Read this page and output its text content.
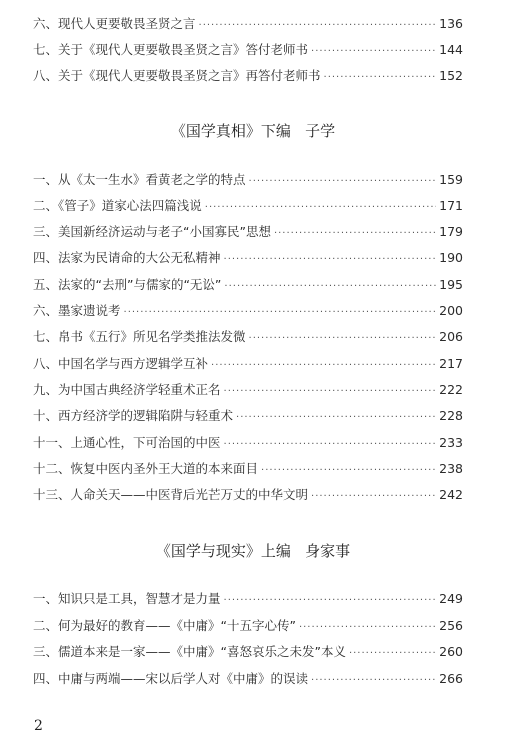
六、现代人更要敬畏圣贤之言 ·····	136
七、关于《现代人更要敬畏圣贤之言》答付老师书 ·····	144
八、关于《现代人更要敬畏圣贤之言》再答付老师书 ·····	152
《国学真相》下编   子学
一、从《太一生水》看黄老之学的特点 ·····	159
二、《管子》道家心法四篇浅说 ·····	171
三、美国新经济运动与老子“小国寡民”思想 ·····	179
四、法家为民请命的大公无私精神 ·····	190
五、法家的“去刑”与儒家的“无讼” ·····	195
六、墨家遗说考 ·····	200
七、帛书《五行》所见名学类推法发微 ·····	206
八、中国名学与西方逻辑学互补 ·····	217
九、为中国古典经济学轻重术正名 ·····	222
十、西方经济学的逻辑陷阱与轻重术 ·····	228
十一、上通心性，下可治国的中医 ·····	233
十二、恢复中医内圣外王大道的本来面目 ·····	238
十三、人命关天——中医背后光芒万丈的中华文明 ·····	242
《国学与现实》上编   身家事
一、知识只是工具，智慧才是力量 ·····	249
二、何为最好的教育——《中庸》“十五字心传” ·····	256
三、儒道本来是一家——《中庸》“喜怒哀乐之未发”本义 ·····	260
四、中庸与两端——宋以后学人对《中庸》的误读 ·····	266
2
